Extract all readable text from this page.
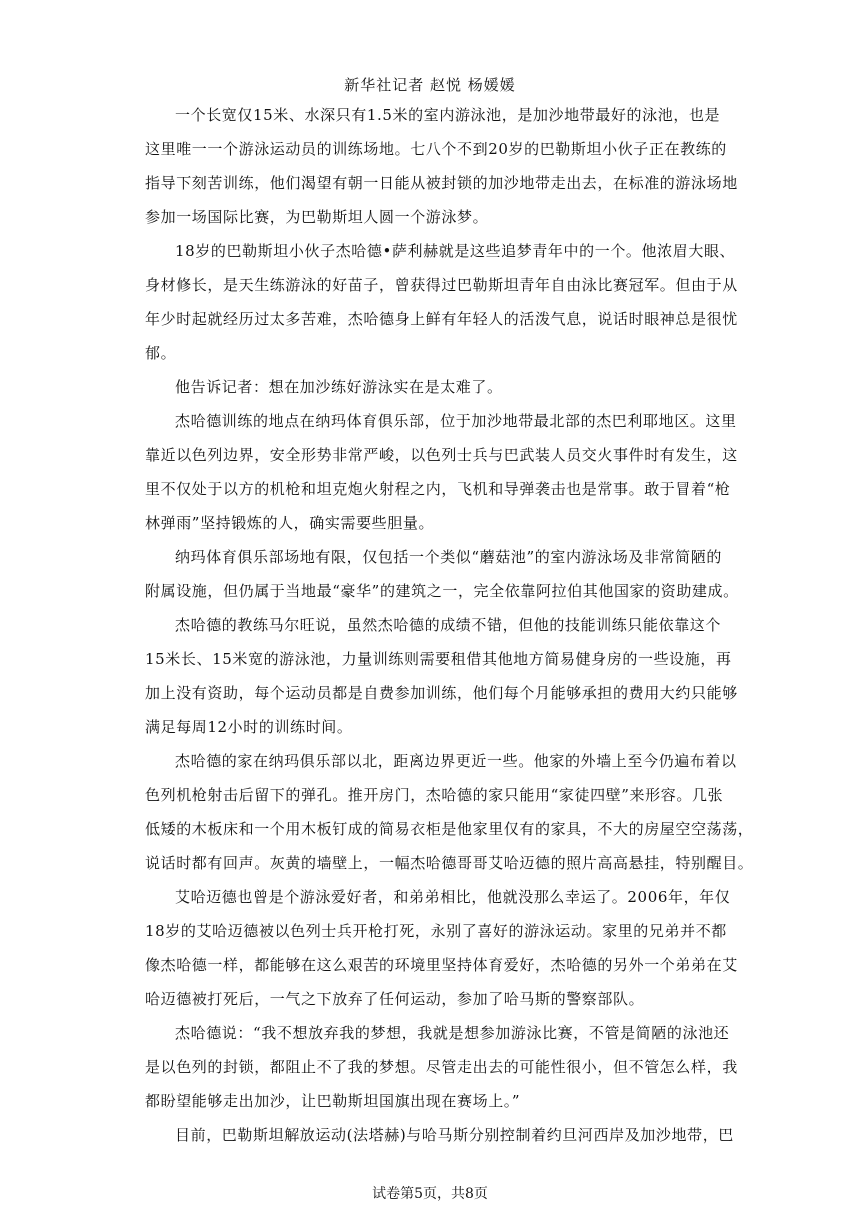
新华社记者 赵悦 杨媛媛
一个长宽仅15米、水深只有1.5米的室内游泳池，是加沙地带最好的泳池，也是
这里唯一一个游泳运动员的训练场地。七八个不到20岁的巴勒斯坦小伙子正在教练的
指导下刻苦训练，他们渴望有朝一日能从被封锁的加沙地带走出去，在标准的游泳场地
参加一场国际比赛，为巴勒斯坦人圆一个游泳梦。
18岁的巴勒斯坦小伙子杰哈德•萨利赫就是这些追梦青年中的一个。他浓眉大眼、
身材修长，是天生练游泳的好苗子，曾获得过巴勒斯坦青年自由泳比赛冠军。但由于从
年少时起就经历过太多苦难，杰哈德身上鲜有年轻人的活泼气息，说话时眼神总是很忧
郁。
他告诉记者：想在加沙练好游泳实在是太难了。
杰哈德训练的地点在纳玛体育俱乐部，位于加沙地带最北部的杰巴利耶地区。这里
靠近以色列边界，安全形势非常严峻，以色列士兵与巴武装人员交火事件时有发生，这
里不仅处于以方的机枪和坦克炮火射程之内，飞机和导弹袭击也是常事。敢于冒着“枪
林弹雨”坚持锻炼的人，确实需要些胆量。
纳玛体育俱乐部场地有限，仅包括一个类似“蘑菇池”的室内游泳场及非常简陋的
附属设施，但仍属于当地最“豪华”的建筑之一，完全依靠阿拉伯其他国家的资助建成。
杰哈德的教练马尔旺说，虽然杰哈德的成绩不错，但他的技能训练只能依靠这个
15米长、15米宽的游泳池，力量训练则需要租借其他地方简易健身房的一些设施，再
加上没有资助，每个运动员都是自费参加训练，他们每个月能够承担的费用大约只能够
满足每周12小时的训练时间。
杰哈德的家在纳玛俱乐部以北，距离边界更近一些。他家的外墙上至今仍遍布着以
色列机枪射击后留下的弹孔。推开房门，杰哈德的家只能用“家徒四壁”来形容。几张
低矮的木板床和一个用木板钉成的简易衣柜是他家里仅有的家具，不大的房屋空空荡荡，
说话时都有回声。灰黄的墙壁上，一幅杰哈德哥哥艾哈迈德的照片高高悬挂，特别醒目。
艾哈迈德也曾是个游泳爱好者，和弟弟相比，他就没那么幸运了。2006年，年仅
18岁的艾哈迈德被以色列士兵开枪打死，永别了喜好的游泳运动。家里的兄弟并不都
像杰哈德一样，都能够在这么艰苦的环境里坚持体育爱好，杰哈德的另外一个弟弟在艾
哈迈德被打死后，一气之下放弃了任何运动，参加了哈马斯的警察部队。
杰哈德说：“我不想放弃我的梦想，我就是想参加游泳比赛，不管是简陋的泳池还
是以色列的封锁，都阻止不了我的梦想。尽管走出去的可能性很小，但不管怎么样，我
都盼望能够走出加沙，让巴勒斯坦国旗出现在赛场上。”
目前，巴勒斯坦解放运动(法塔赫)与哈马斯分别控制着约旦河西岸及加沙地带，巴
试卷第5页，共8页
